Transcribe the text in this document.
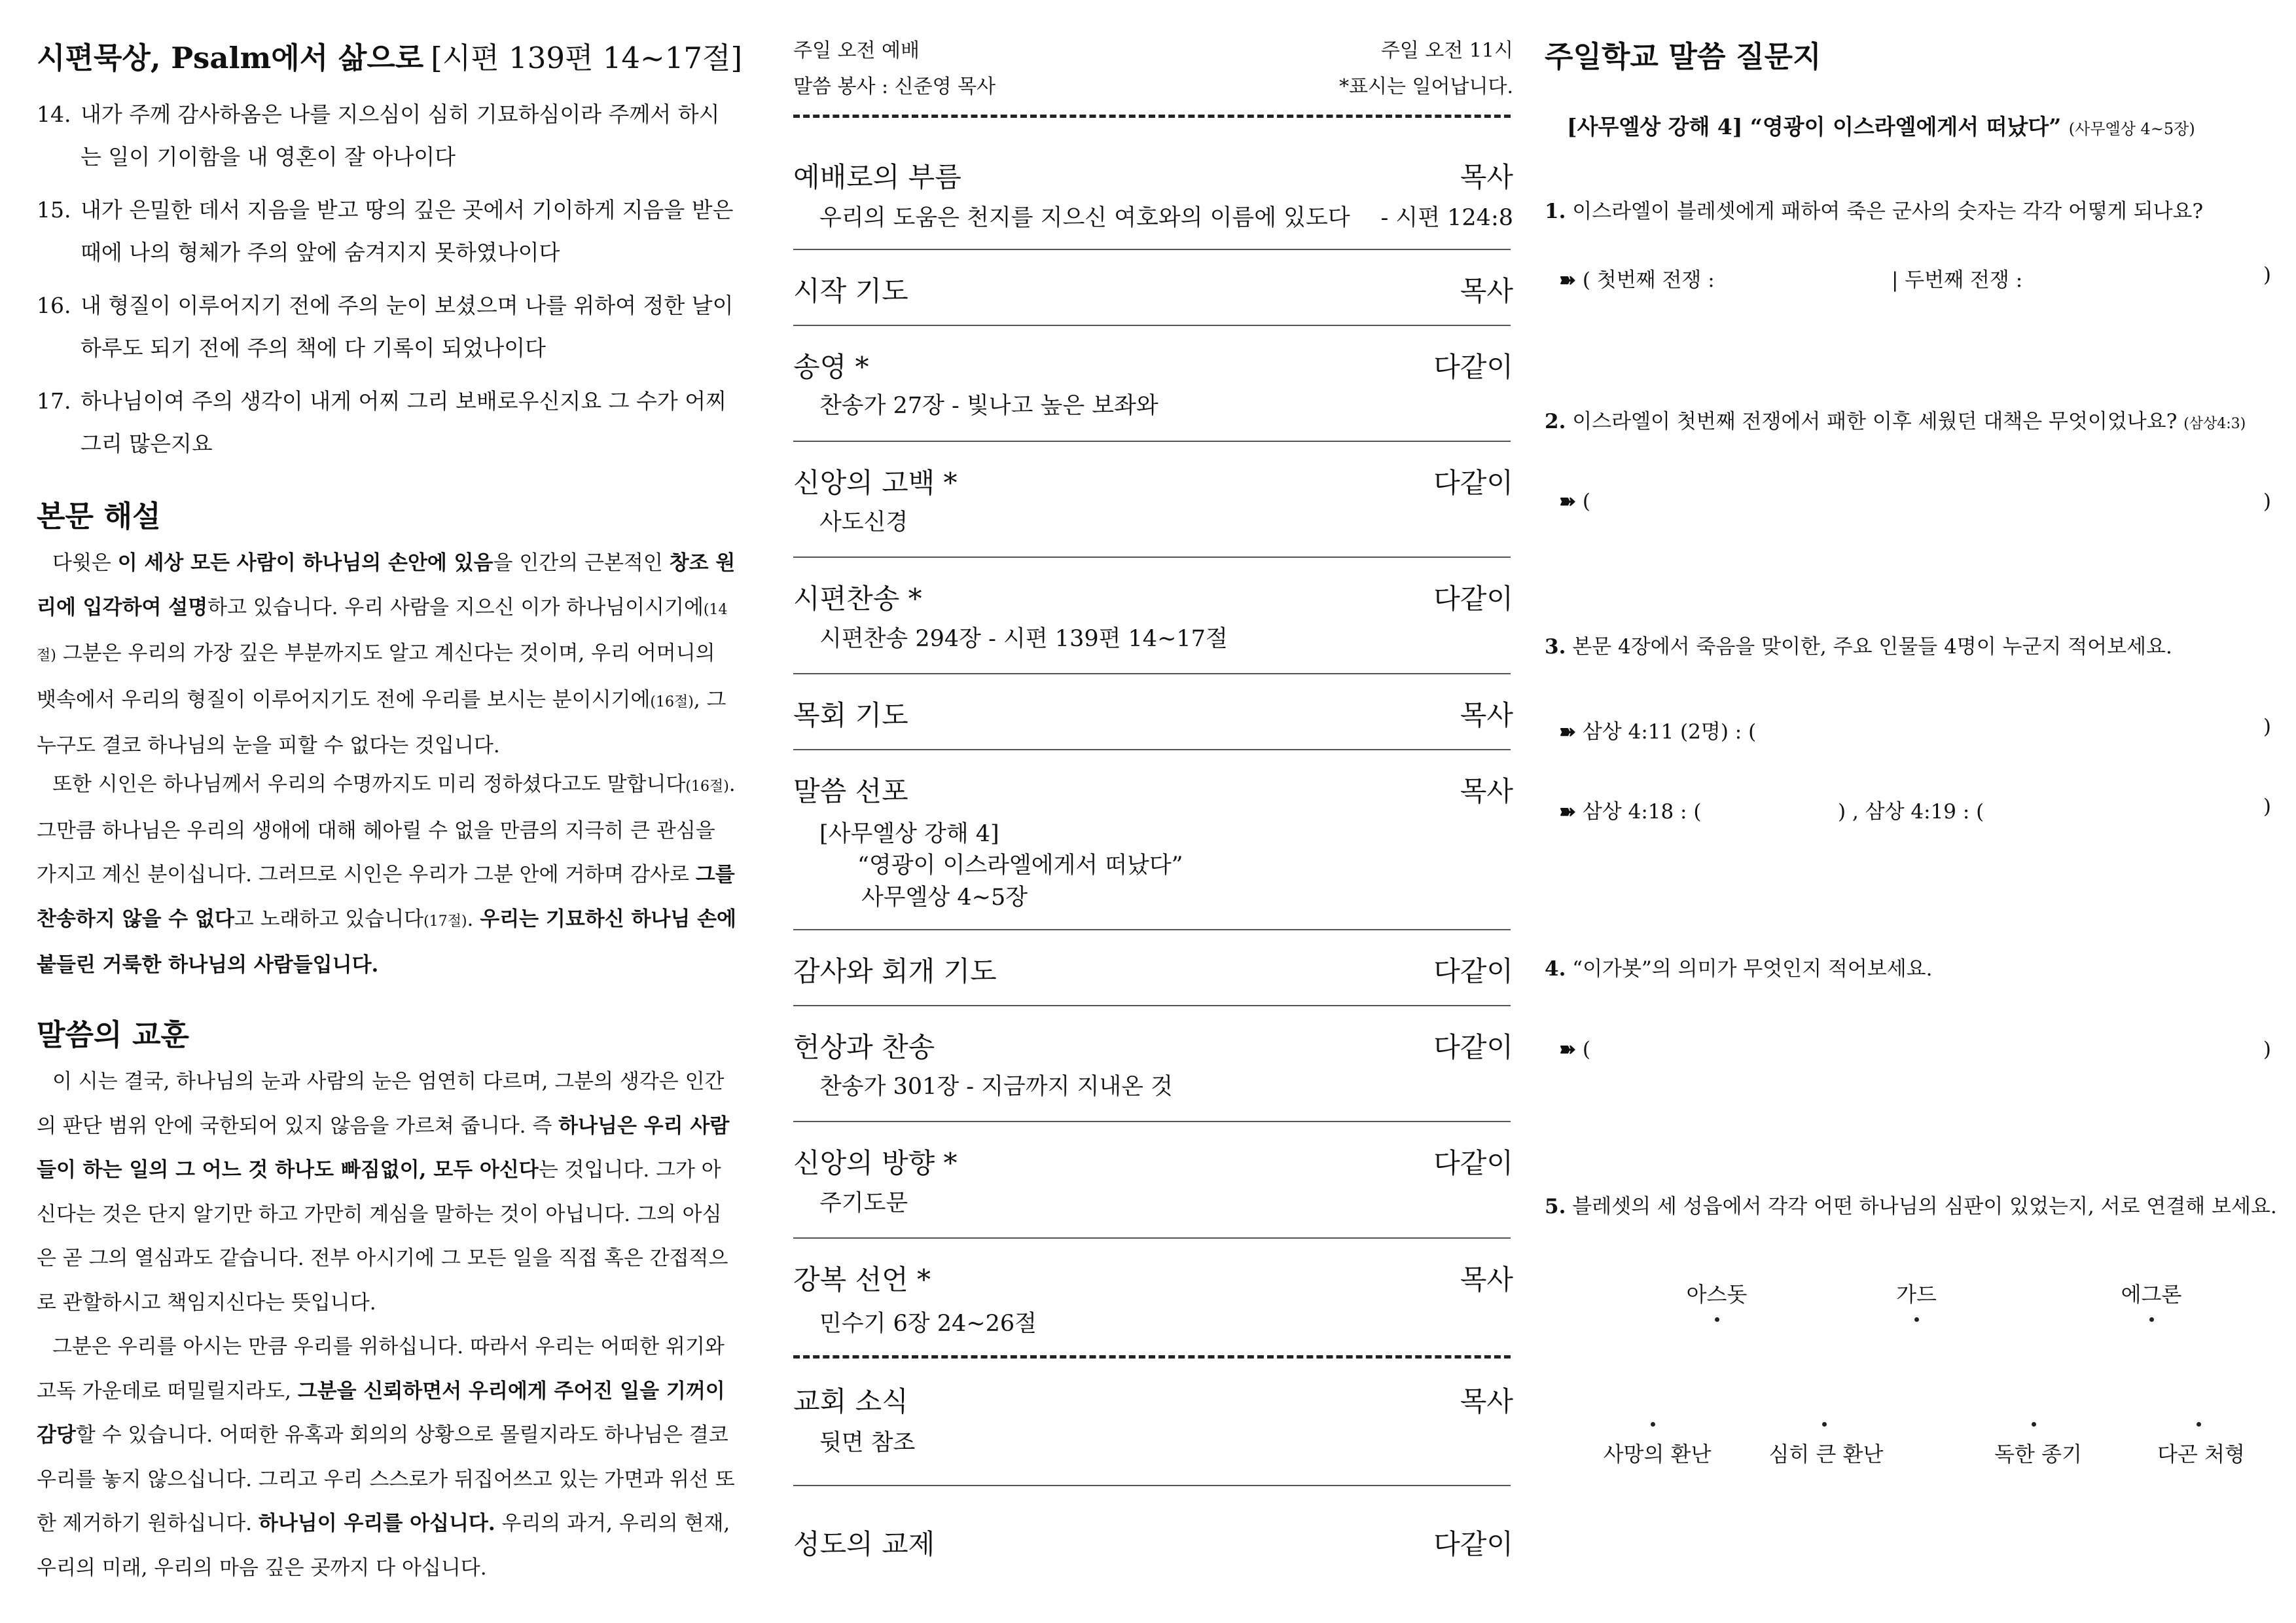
시편묵상, Psalm에서 삶으로 [시편 139편 14~17절]
14. 내가 주께 감사하옴은 나를 지으심이 심히 기묘하심이라 주께서 하시는 일이 기이함을 내 영혼이 잘 아나이다
15. 내가 은밀한 데서 지음을 받고 땅의 깊은 곳에서 기이하게 지음을 받은 때에 나의 형체가 주의 앞에 숨겨지지 못하였나이다
16. 내 형질이 이루어지기 전에 주의 눈이 보셨으며 나를 위하여 정한 날이 하루도 되기 전에 주의 책에 다 기록이 되었나이다
17. 하나님이여 주의 생각이 내게 어찌 그리 보배로우신지요 그 수가 어찌 그리 많은지요
본문 해설
다윗은 이 세상 모든 사람이 하나님의 손안에 있음을 인간의 근본적인 창조 원리에 입각하여 설명하고 있습니다. 우리 사람을 지으신 이가 하나님이시기에(14절) 그분은 우리의 가장 깊은 부분까지도 알고 계신다는 것이며, 우리 어머니의 뱃속에서 우리의 형질이 이루어지기도 전에 우리를 보시는 분이시기에(16절), 그 누구도 결코 하나님의 눈을 피할 수 없다는 것입니다.
또한 시인은 하나님께서 우리의 수명까지도 미리 정하셨다고도 말합니다(16절). 그만큼 하나님은 우리의 생애에 대해 헤아릴 수 없을 만큼의 지극히 큰 관심을 가지고 계신 분이십니다. 그러므로 시인은 우리가 그분 안에 거하며 감사로 그를 찬송하지 않을 수 없다고 노래하고 있습니다(17절). 우리는 기묘하신 하나님 손에 붙들린 거룩한 하나님의 사람들입니다.
말씀의 교훈
이 시는 결국, 하나님의 눈과 사람의 눈은 엄연히 다르며, 그분의 생각은 인간의 판단 범위 안에 국한되어 있지 않음을 가르쳐 줍니다. 즉 하나님은 우리 사람들이 하는 일의 그 어느 것 하나도 빠짐없이, 모두 아신다는 것입니다. 그가 아신다는 것은 단지 알기만 하고 가만히 계심을 말하는 것이 아닙니다. 그의 아심은 곧 그의 열심과도 같습니다. 전부 아시기에 그 모든 일을 직접 혹은 간접적으로 관할하시고 책임지신다는 뜻입니다.
그분은 우리를 아시는 만큼 우리를 위하십니다. 따라서 우리는 어떠한 위기와 고독 가운데로 떠밀릴지라도, 그분을 신뢰하면서 우리에게 주어진 일을 기꺼이 감당할 수 있습니다. 어떠한 유혹과 회의의 상황으로 몰릴지라도 하나님은 결코 우리를 놓지 않으십니다. 그리고 우리 스스로가 뒤집어쓰고 있는 가면과 위선 또한 제거하기 원하십니다. 하나님이 우리를 아십니다. 우리의 과거, 우리의 현재, 우리의 미래, 우리의 마음 깊은 곳까지 다 아십니다.
주일 오전 예배	주일 오전 11시
말씀 봉사 : 신준영 목사	*표시는 일어납니다.
예배로의 부름	목사
우리의 도움은 천지를 지으신 여호와의 이름에 있도다 - 시편 124:8
시작 기도	목사
송영 *	다같이
찬송가 27장 - 빛나고 높은 보좌와
신앙의 고백 *	다같이
사도신경
시편찬송 *	다같이
시편찬송 294장 - 시편 139편 14~17절
목회 기도	목사
말씀 선포	목사
[사무엘상 강해 4]
“영광이 이스라엘에게서 떠났다”
사무엘상 4~5장
감사와 회개 기도	다같이
헌상과 찬송	다같이
찬송가 301장 - 지금까지 지내온 것
신앙의 방향 *	다같이
주기도문
강복 선언 *	목사
민수기 6장 24~26절
교회 소식	목사
뒷면 참조
성도의 교제	다같이
주일학교 말씀 질문지
[사무엘상 강해 4] “영광이 이스라엘에게서 떠났다” (사무엘상 4~5장)
1. 이스라엘이 블레셋에게 패하여 죽은 군사의 숫자는 각각 어떻게 되나요?
➽ ( 첫번째 전쟁 :	| 두번째 전쟁 :	)
2. 이스라엘이 첫번째 전쟁에서 패한 이후 세웠던 대책은 무엇이었나요? (삼상4:3)
➽ (	)
3. 본문 4장에서 죽음을 맞이한, 주요 인물들 4명이 누군지 적어보세요.
➽ 삼상 4:11 (2명) : (	)
➽ 삼상 4:18 : (	) , 삼상 4:19 : (	)
4. “이가봇”의 의미가 무엇인지 적어보세요.
➽ (	)
5. 블레셋의 세 성읍에서 각각 어떤 하나님의 심판이 있었는지, 서로 연결해 보세요.
아스돗	가드	에그론
사망의 환난	심히 큰 환난	독한 종기	다곤 처형
